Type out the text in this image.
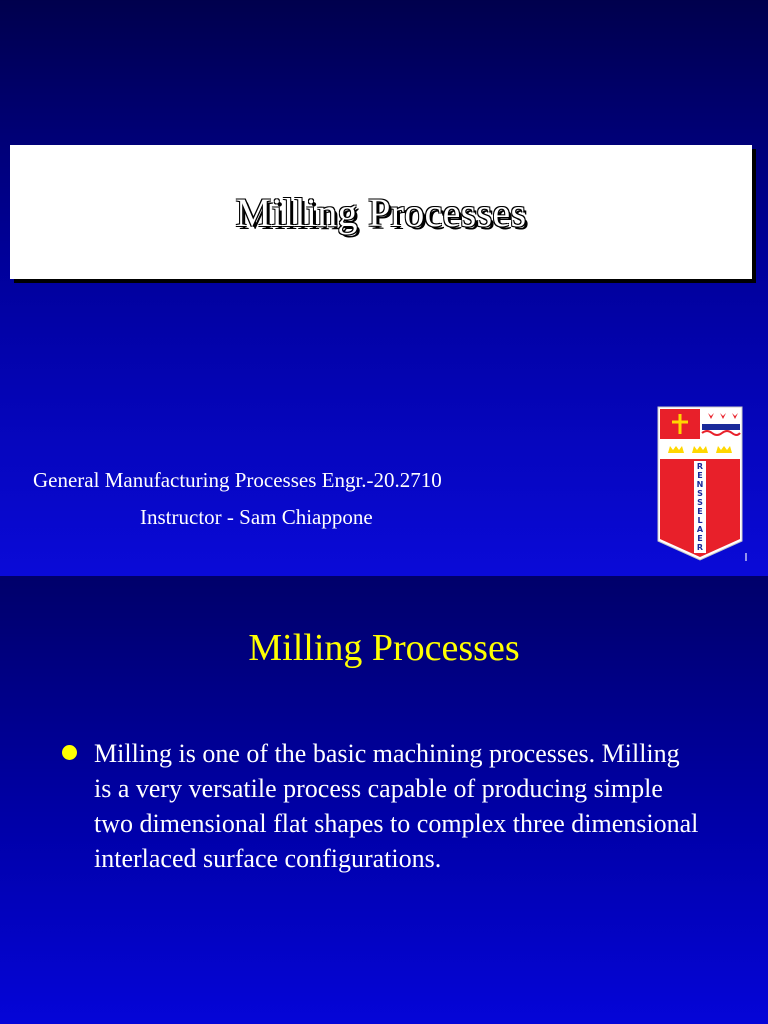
Milling Processes
General Manufacturing Processes Engr.-20.2710
Instructor - Sam Chiappone
R
E
N
S
S
E
L
A
E
R
I
Milling Processes
Milling is one of the basic machining processes. Milling is a very versatile process capable of producing simple two dimensional flat shapes to complex three dimensional interlaced surface configurations.
